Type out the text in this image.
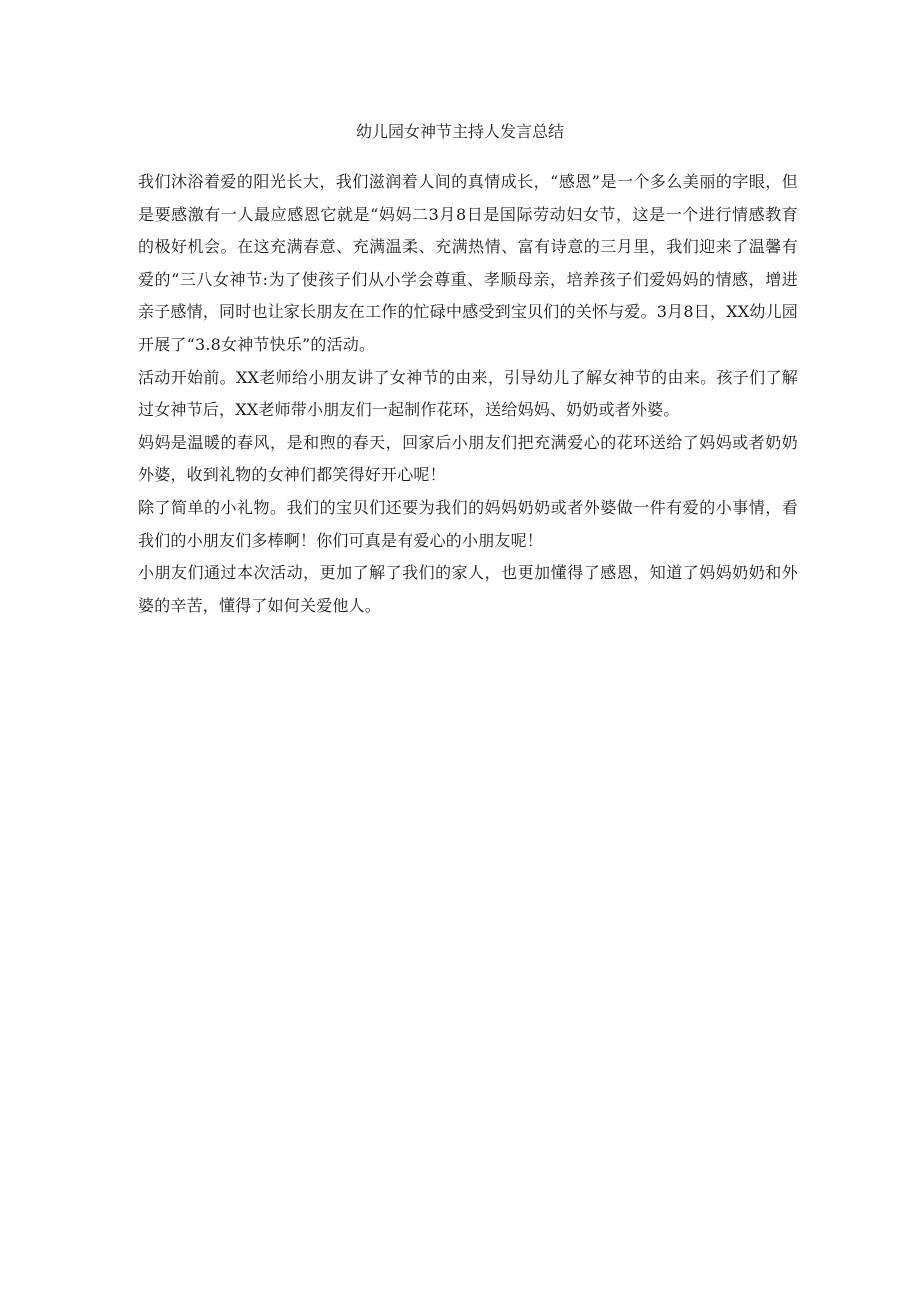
幼儿园女神节主持人发言总结

我们沐浴着爱的阳光长大，我们滋润着人间的真情成长，“感恩”是一个多么美丽的字眼，但是要感激有一人最应感恩它就是“妈妈二3月8日是国际劳动妇女节，这是一个进行情感教育的极好机会。在这充满春意、充满温柔、充满热情、富有诗意的三月里，我们迎来了温馨有爱的“三八女神节:为了使孩子们从小学会尊重、孝顺母亲，培养孩子们爱妈妈的情感，增进亲子感情，同时也让家长朋友在工作的忙碌中感受到宝贝们的关怀与爱。3月8日，XX幼儿园开展了“3.8女神节快乐”的活动。

活动开始前。XX老师给小朋友讲了女神节的由来，引导幼儿了解女神节的由来。孩子们了解过女神节后，XX老师带小朋友们一起制作花环，送给妈妈、奶奶或者外婆。

妈妈是温暖的春风，是和煦的春天，回家后小朋友们把充满爱心的花环送给了妈妈或者奶奶外婆，收到礼物的女神们都笑得好开心呢！

除了简单的小礼物。我们的宝贝们还要为我们的妈妈奶奶或者外婆做一件有爱的小事情，看我们的小朋友们多棒啊！你们可真是有爱心的小朋友呢！

小朋友们通过本次活动，更加了解了我们的家人，也更加懂得了感恩，知道了妈妈奶奶和外婆的辛苦，懂得了如何关爱他人。
